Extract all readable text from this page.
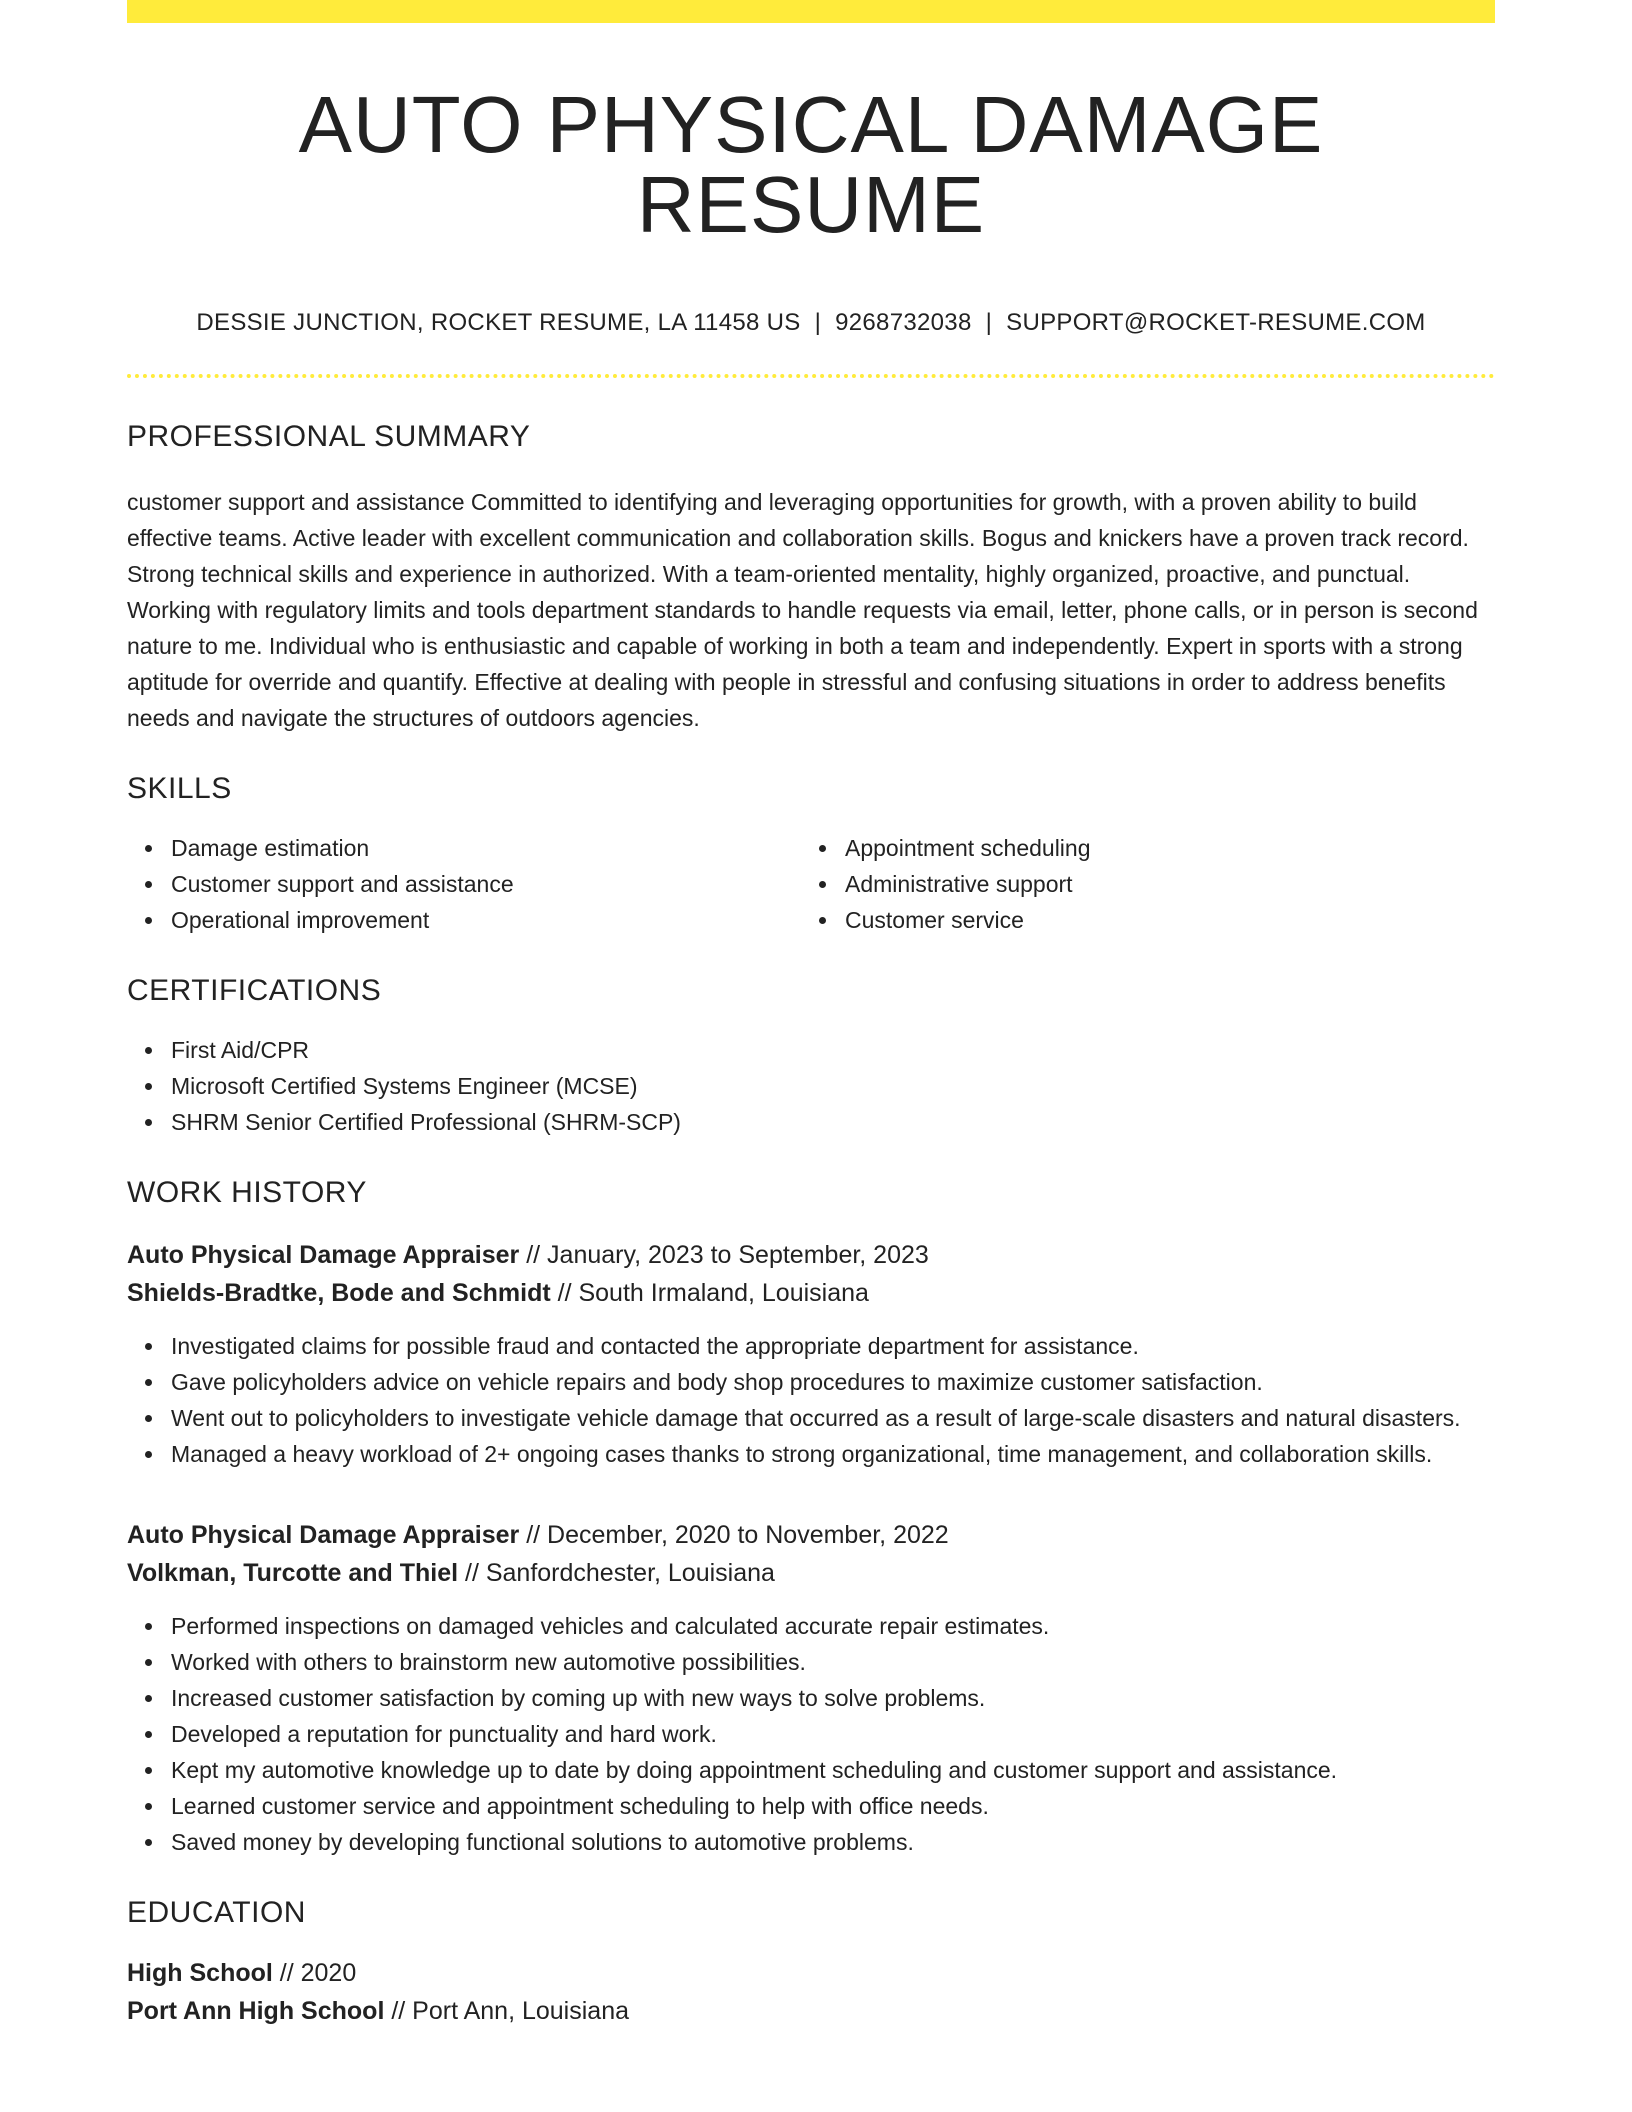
AUTO PHYSICAL DAMAGE RESUME
DESSIE JUNCTION, ROCKET RESUME, LA 11458 US | 9268732038 | SUPPORT@ROCKET-RESUME.COM
PROFESSIONAL SUMMARY

customer support and assistance Committed to identifying and leveraging opportunities for growth, with a proven ability to build effective teams. Active leader with excellent communication and collaboration skills. Bogus and knickers have a proven track record. Strong technical skills and experience in authorized. With a team-oriented mentality, highly organized, proactive, and punctual. Working with regulatory limits and tools department standards to handle requests via email, letter, phone calls, or in person is second nature to me. Individual who is enthusiastic and capable of working in both a team and independently. Expert in sports with a strong aptitude for override and quantify. Effective at dealing with people in stressful and confusing situations in order to address benefits needs and navigate the structures of outdoors agencies.

SKILLS
Damage estimation
Customer support and assistance
Operational improvement
Appointment scheduling
Administrative support
Customer service
CERTIFICATIONS
First Aid/CPR
Microsoft Certified Systems Engineer (MCSE)
SHRM Senior Certified Professional (SHRM-SCP)
WORK HISTORY
Auto Physical Damage Appraiser // January, 2023 to September, 2023
Shields-Bradtke, Bode and Schmidt // South Irmaland, Louisiana
Investigated claims for possible fraud and contacted the appropriate department for assistance.
Gave policyholders advice on vehicle repairs and body shop procedures to maximize customer satisfaction.
Went out to policyholders to investigate vehicle damage that occurred as a result of large-scale disasters and natural disasters.
Managed a heavy workload of 2+ ongoing cases thanks to strong organizational, time management, and collaboration skills.
Auto Physical Damage Appraiser // December, 2020 to November, 2022
Volkman, Turcotte and Thiel // Sanfordchester, Louisiana
Performed inspections on damaged vehicles and calculated accurate repair estimates.
Worked with others to brainstorm new automotive possibilities.
Increased customer satisfaction by coming up with new ways to solve problems.
Developed a reputation for punctuality and hard work.
Kept my automotive knowledge up to date by doing appointment scheduling and customer support and assistance.
Learned customer service and appointment scheduling to help with office needs.
Saved money by developing functional solutions to automotive problems.
EDUCATION
High School // 2020
Port Ann High School // Port Ann, Louisiana
